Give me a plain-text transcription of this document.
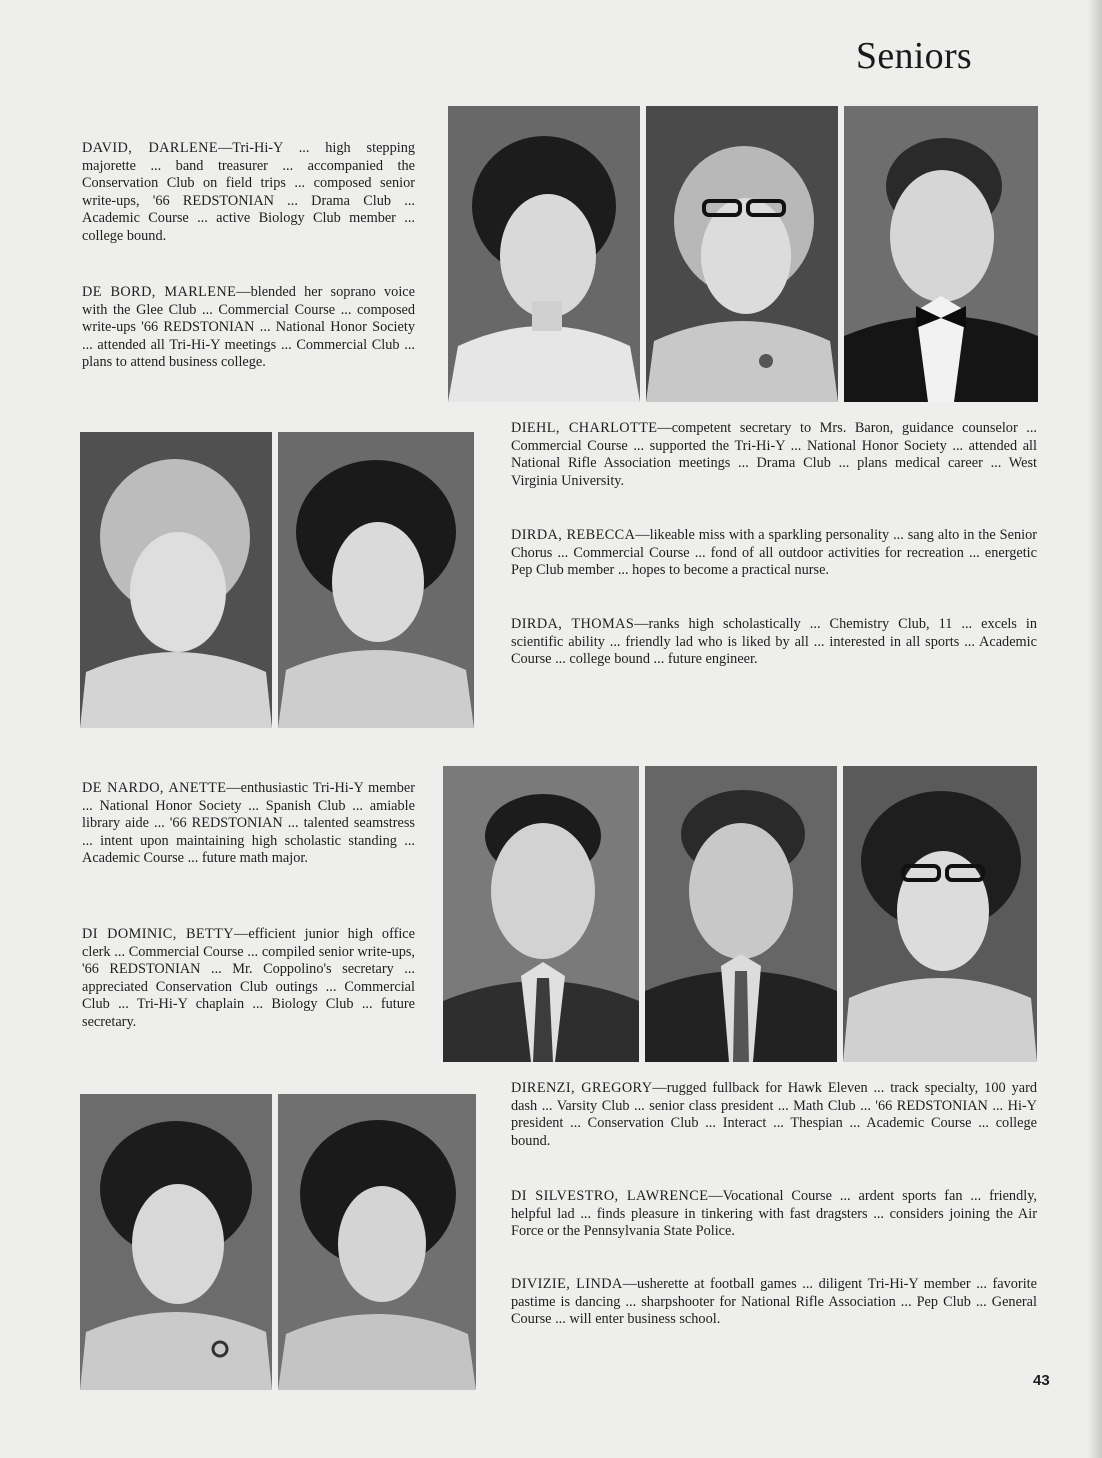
Seniors

DAVID, DARLENE—Tri-Hi-Y ... high stepping majorette ... band treasurer ... accompanied the Conservation Club on field trips ... composed senior write-ups, '66 REDSTONIAN ... Drama Club ... Academic Course ... active Biology Club member ... college bound.

DE BORD, MARLENE—blended her soprano voice with the Glee Club ... Commercial Course ... composed write-ups '66 REDSTONIAN ... National Honor Society ... attended all Tri-Hi-Y meetings ... Commercial Club ... plans to attend business college.

DIEHL, CHARLOTTE—competent secretary to Mrs. Baron, guidance counselor ... Commercial Course ... supported the Tri-Hi-Y ... National Honor Society ... attended all National Rifle Association meetings ... Drama Club ... plans medical career ... West Virginia University.

DIRDA, REBECCA—likeable miss with a sparkling personality ... sang alto in the Senior Chorus ... Commercial Course ... fond of all outdoor activities for recreation ... energetic Pep Club member ... hopes to become a practical nurse.

DIRDA, THOMAS—ranks high scholastically ... Chemistry Club, 11 ... excels in scientific ability ... friendly lad who is liked by all ... interested in all sports ... Academic Course ... college bound ... future engineer.

DE NARDO, ANETTE—enthusiastic Tri-Hi-Y member ... National Honor Society ... Spanish Club ... amiable library aide ... '66 REDSTONIAN ... talented seamstress ... intent upon maintaining high scholastic standing ... Academic Course ... future math major.

DI DOMINIC, BETTY—efficient junior high office clerk ... Commercial Course ... compiled senior write-ups, '66 REDSTONIAN ... Mr. Coppolino's secretary ... appreciated Conservation Club outings ... Commercial Club ... Tri-Hi-Y chaplain ... Biology Club ... future secretary.

DIRENZI, GREGORY—rugged fullback for Hawk Eleven ... track specialty, 100 yard dash ... Varsity Club ... senior class president ... Math Club ... '66 REDSTONIAN ... Hi-Y president ... Conservation Club ... Interact ... Thespian ... Academic Course ... college bound.

DI SILVESTRO, LAWRENCE—Vocational Course ... ardent sports fan ... friendly, helpful lad ... finds pleasure in tinkering with fast dragsters ... considers joining the Air Force or the Pennsylvania State Police.

DIVIZIE, LINDA—usherette at football games ... diligent Tri-Hi-Y member ... favorite pastime is dancing ... sharpshooter for National Rifle Association ... Pep Club ... General Course ... will enter business school.

43
